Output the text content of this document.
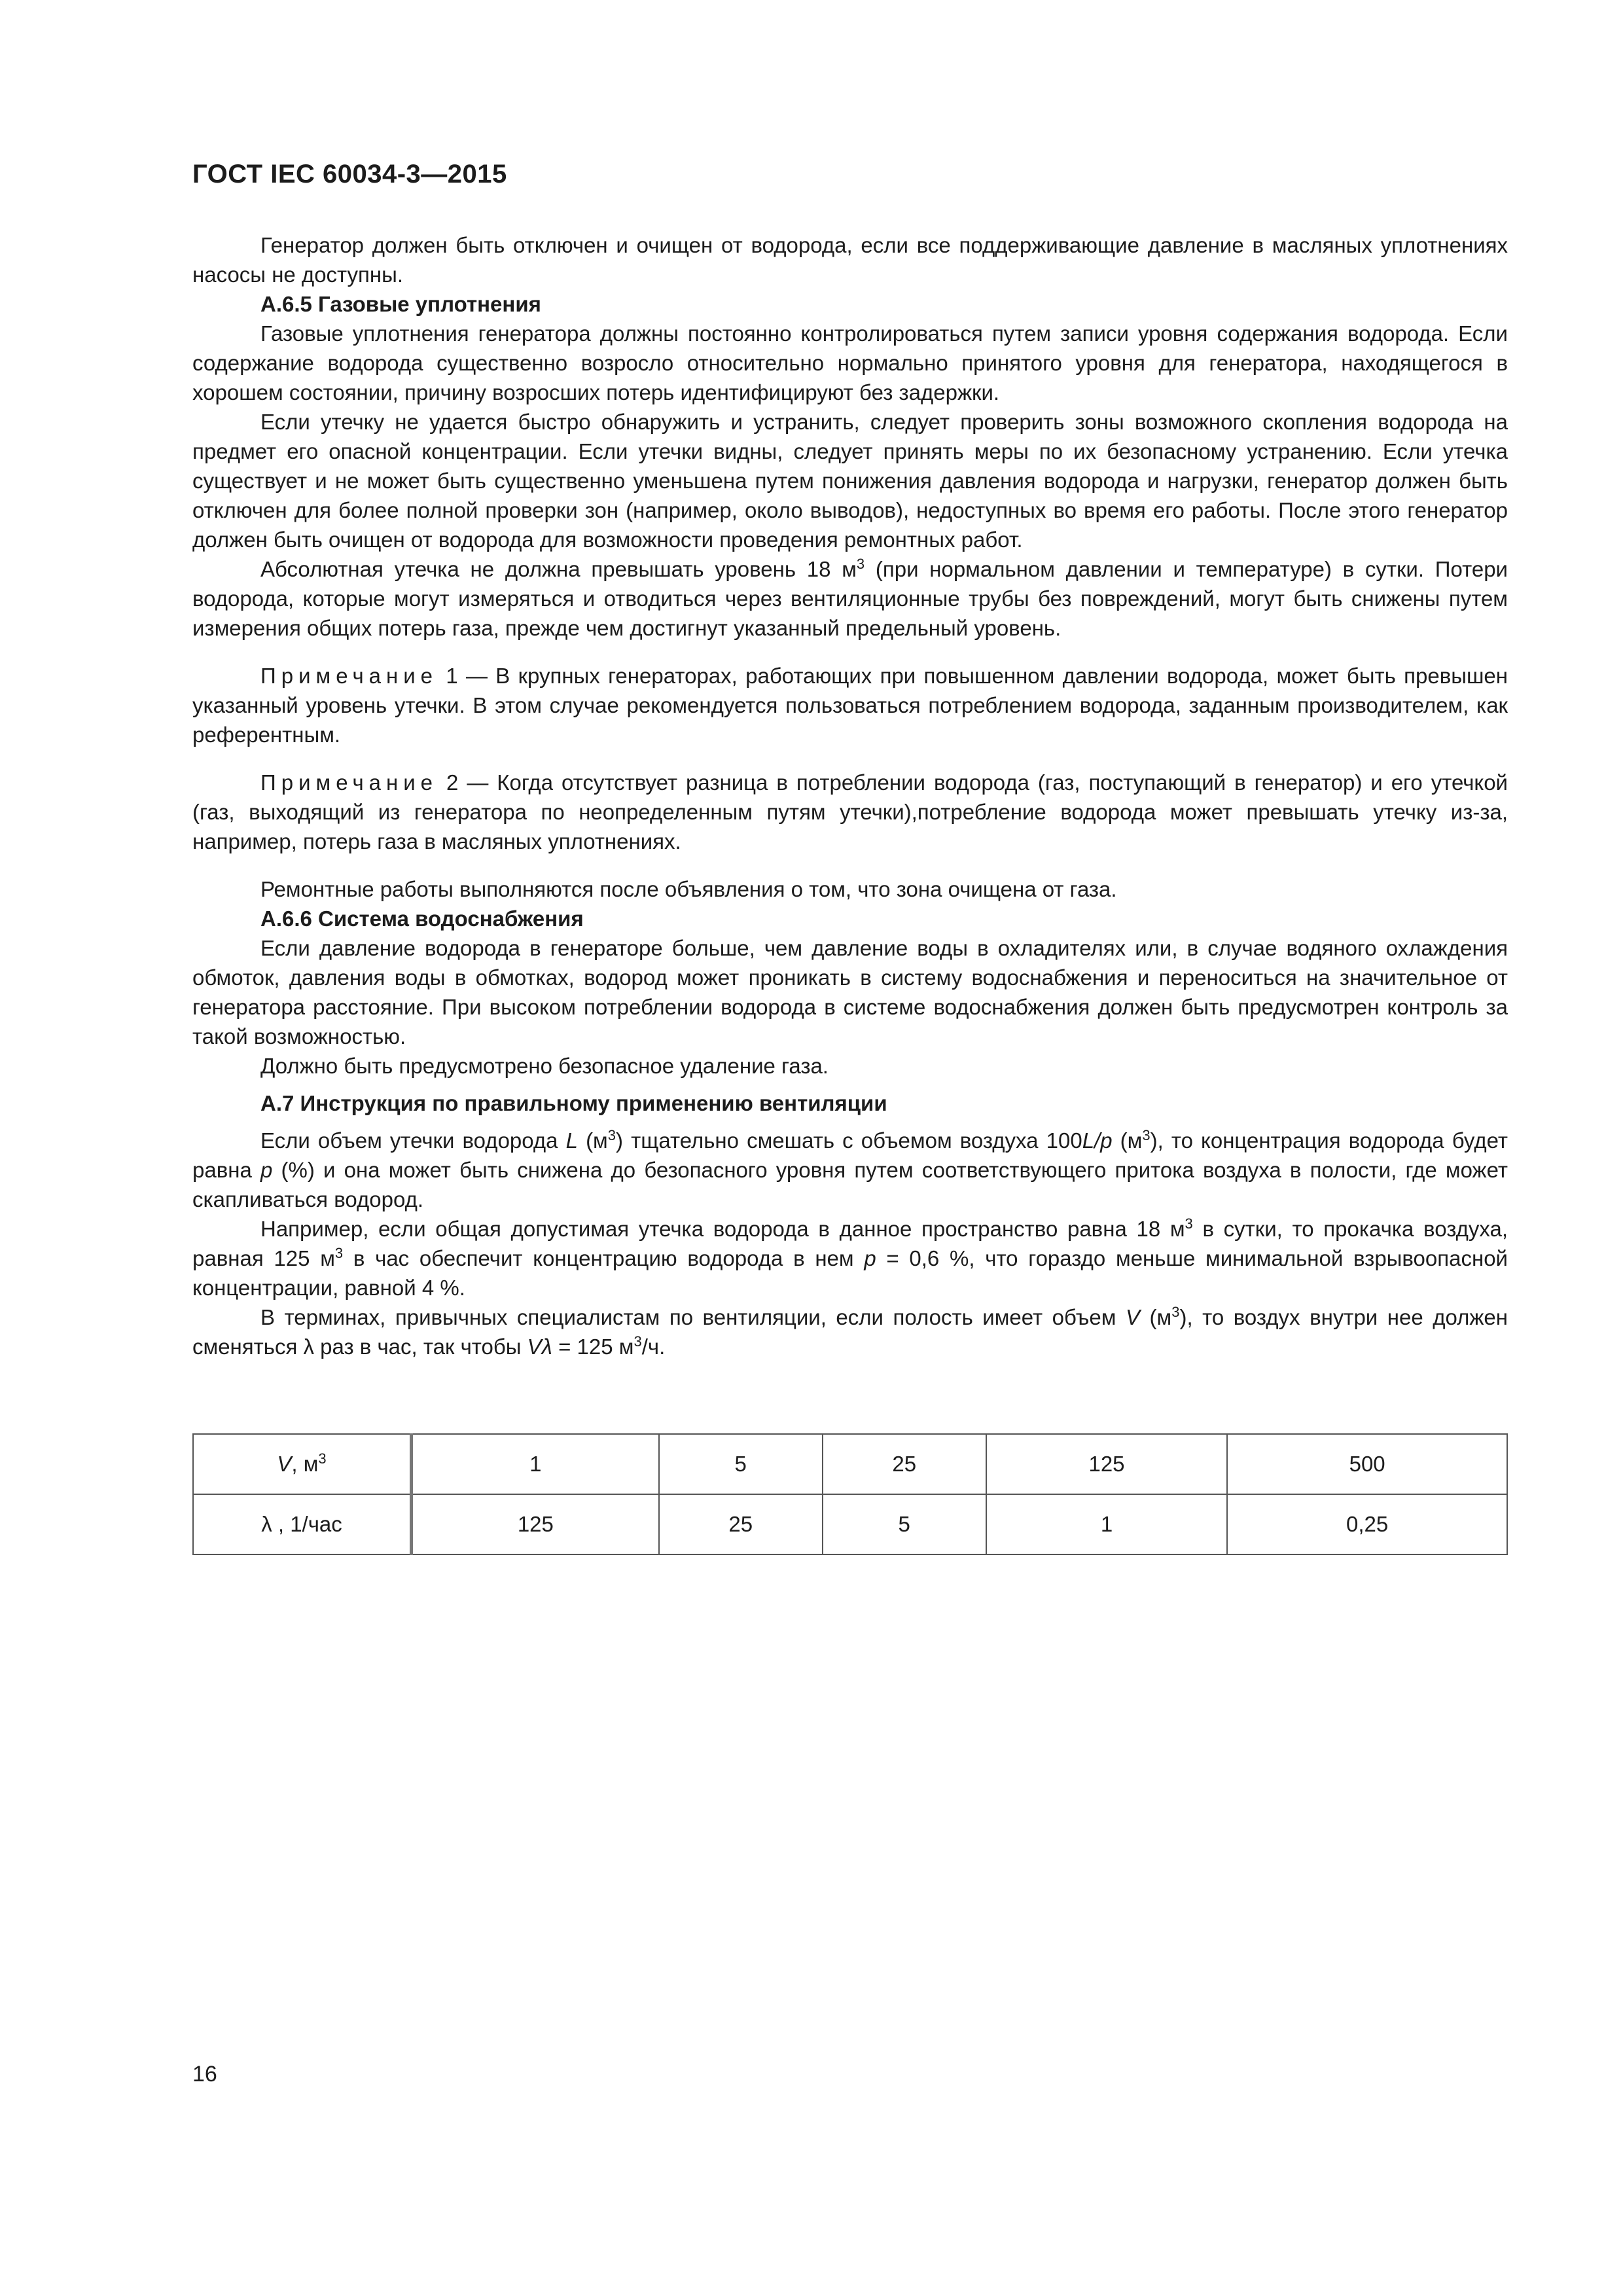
ГОСТ IEC 60034-3—2015

Генератор должен быть отключен и очищен от водорода, если все поддерживающие давление в масляных уплотнениях насосы не доступны.

А.6.5 Газовые уплотнения

Газовые уплотнения генератора должны постоянно контролироваться путем записи уровня содержания водорода. Если содержание водорода существенно возросло относительно нормально принятого уровня для генератора, находящегося в хорошем состоянии, причину возросших потерь идентифицируют без задержки.

Если утечку не удается быстро обнаружить и устранить, следует проверить зоны возможного скопления водорода на предмет его опасной концентрации. Если утечки видны, следует принять меры по их безопасному устранению. Если утечка существует и не может быть существенно уменьшена путем понижения давления водорода и нагрузки, генератор должен быть отключен для более полной проверки зон (например, около выводов), недоступных во время его работы. После этого генератор должен быть очищен от водорода для возможности проведения ремонтных работ.

Абсолютная утечка не должна превышать уровень 18 $м^3$ (при нормальном давлении и температуре) в сутки. Потери водорода, которые могут измеряться и отводиться через вентиляционные трубы без повреждений, могут быть снижены путем измерения общих потерь газа, прежде чем достигнут указанный предельный уровень.

Примечание 1 — В крупных генераторах, работающих при повышенном давлении водорода, может быть превышен указанный уровень утечки. В этом случае рекомендуется пользоваться потреблением водорода, заданным производителем, как референтным.

Примечание 2 — Когда отсутствует разница в потреблении водорода (газ, поступающий в генератор) и его утечкой (газ, выходящий из генератора по неопределенным путям утечки),потребление водорода может превышать утечку из-за, например, потерь газа в масляных уплотнениях.

Ремонтные работы выполняются после объявления о том, что зона очищена от газа.

А.6.6 Система водоснабжения

Если давление водорода в генераторе больше, чем давление воды в охладителях или, в случае водяного охлаждения обмоток, давления воды в обмотках, водород может проникать в систему водоснабжения и переноситься на значительное от генератора расстояние. При высоком потреблении водорода в системе водоснабжения должен быть предусмотрен контроль за такой возможностью.

Должно быть предусмотрено безопасное удаление газа.

А.7 Инструкция по правильному применению вентиляции

Если объем утечки водорода L $(м^3)$ тщательно смешать с объемом воздуха 100L/p $(м^3)$, то концентрация водорода будет равна p (%) и она может быть снижена до безопасного уровня путем соответствующего притока воздуха в полости, где может скапливаться водород.

Например, если общая допустимая утечка водорода в данное пространство равна 18 $м^3$ в сутки, то прокачка воздуха, равная 125 $м^3$ в час обеспечит концентрацию водорода в нем p = 0,6 %, что гораздо меньше минимальной взрывоопасной концентрации, равной 4 %.

В терминах, привычных специалистам по вентиляции, если полость имеет объем V $(м^3)$, то воздух внутри нее должен сменяться λ раз в час, так чтобы Vλ = 125 $м^3/ч$.

V, $м^3$	1	5	25	125	500
λ , 1/час	125	25	5	1	0,25
16
